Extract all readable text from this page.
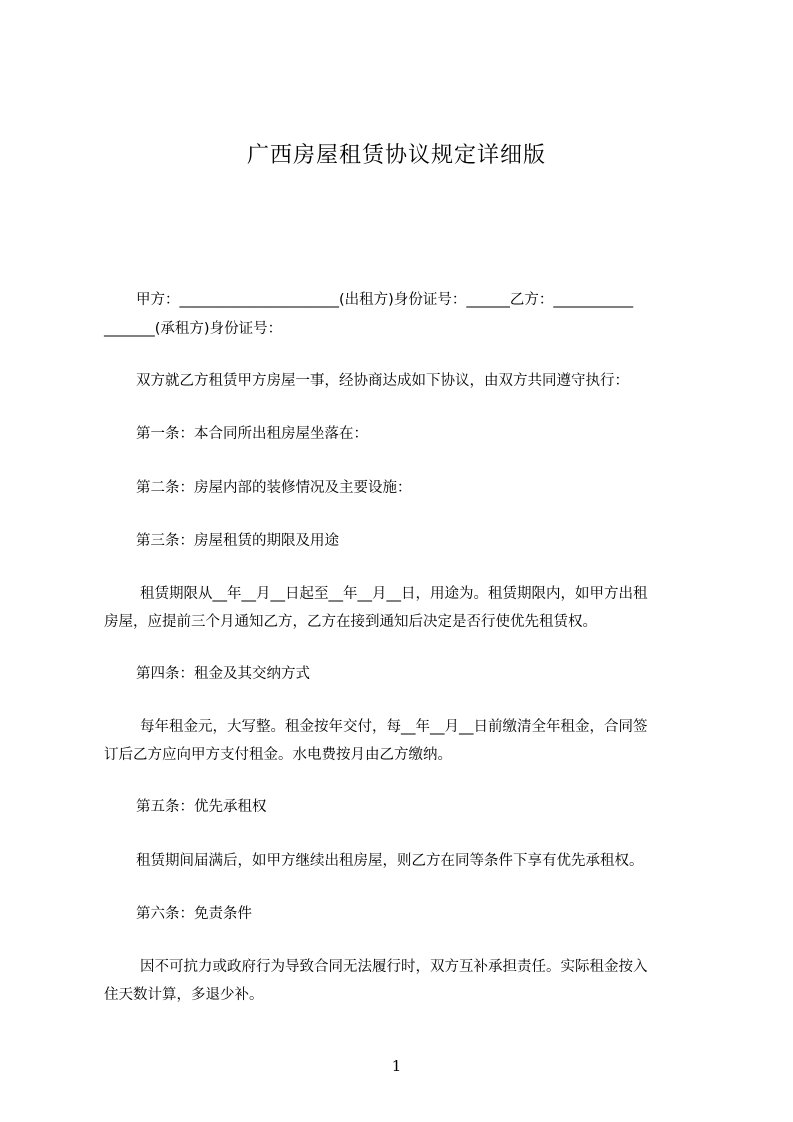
广西房屋租赁协议规定详细版
甲方：______________________(出租方)身份证号：______乙方：___________
_______(承租方)身份证号：
双方就乙方租赁甲方房屋一事，经协商达成如下协议，由双方共同遵守执行：
第一条：本合同所出租房屋坐落在：
第二条：房屋内部的装修情况及主要设施：
第三条：房屋租赁的期限及用途
租赁期限从__年__月__日起至__年__月__日，用途为。租赁期限内，如甲方出租
房屋，应提前三个月通知乙方，乙方在接到通知后决定是否行使优先租赁权。
第四条：租金及其交纳方式
每年租金元，大写整。租金按年交付，每__年__月__日前缴清全年租金，合同签
订后乙方应向甲方支付租金。水电费按月由乙方缴纳。
第五条：优先承租权
租赁期间届满后，如甲方继续出租房屋，则乙方在同等条件下享有优先承租权。
第六条：免责条件
因不可抗力或政府行为导致合同无法履行时，双方互补承担责任。实际租金按入
住天数计算，多退少补。
1
